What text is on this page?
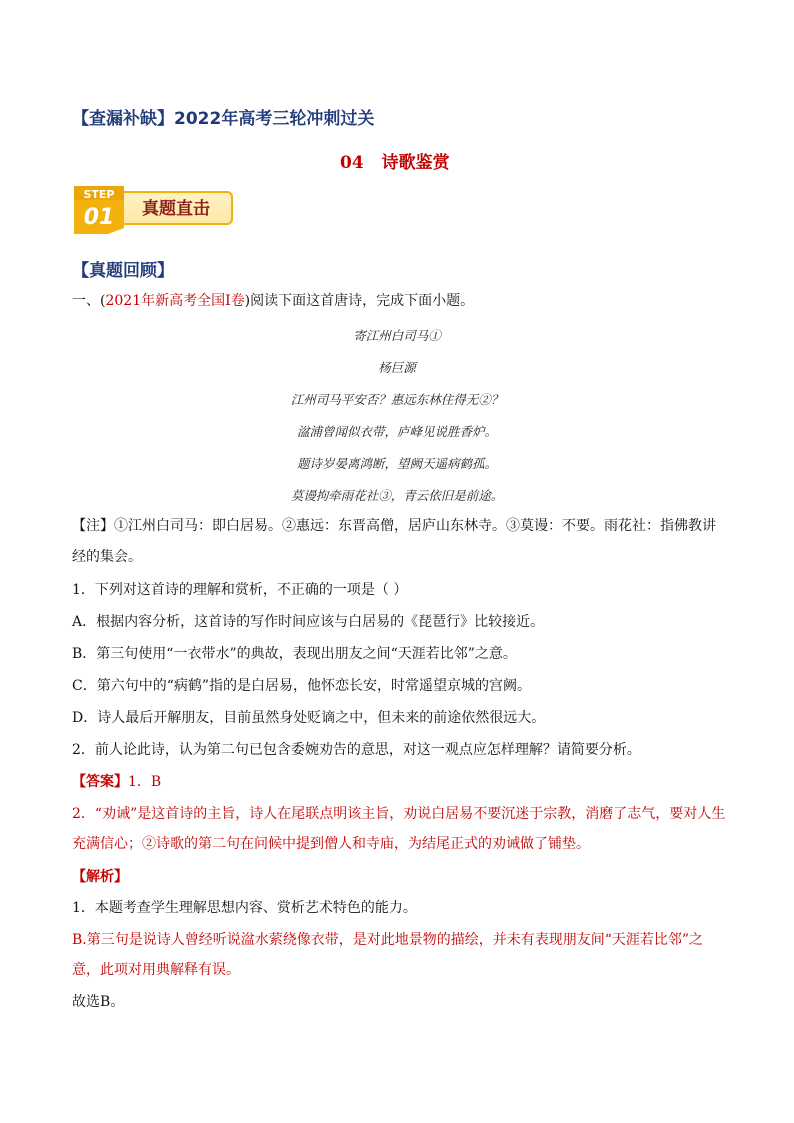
【查漏补缺】2022年高考三轮冲刺过关
04 诗歌鉴赏
STEP
01 真题直击
【真题回顾】
一、(2021年新高考全国I卷)阅读下面这首唐诗，完成下面小题。
寄江州白司马①
杨巨源
江州司马平安否？惠远东林住得无②？
湓浦曾闻似衣带，庐峰见说胜香炉。
题诗岁晏离鸿断，望阙天遥病鹤孤。
莫谩拘牵雨花社③，青云依旧是前途。
【注】①江州白司马：即白居易。②惠远：东晋高僧，居庐山东林寺。③莫谩：不要。雨花社：指佛教讲
经的集会。
1．下列对这首诗的理解和赏析，不正确的一项是（ ）
A．根据内容分析，这首诗的写作时间应该与白居易的《琵琶行》比较接近。
B．第三句使用“一衣带水”的典故，表现出朋友之间“天涯若比邻”之意。
C．第六句中的“病鹤”指的是白居易，他怀恋长安，时常遥望京城的宫阙。
D．诗人最后开解朋友，目前虽然身处贬谪之中，但未来的前途依然很远大。
2．前人论此诗，认为第二句已包含委婉劝告的意思，对这一观点应怎样理解？请简要分析。
【答案】1．B
2．“劝诫”是这首诗的主旨，诗人在尾联点明该主旨，劝说白居易不要沉迷于宗教，消磨了志气，要对人生
充满信心；②诗歌的第二句在问候中提到僧人和寺庙，为结尾正式的劝诫做了铺垫。
【解析】
1．本题考查学生理解思想内容、赏析艺术特色的能力。
B.第三句是说诗人曾经听说湓水萦绕像衣带，是对此地景物的描绘，并未有表现朋友间“天涯若比邻”之
意，此项对用典解释有误。
故选B。
